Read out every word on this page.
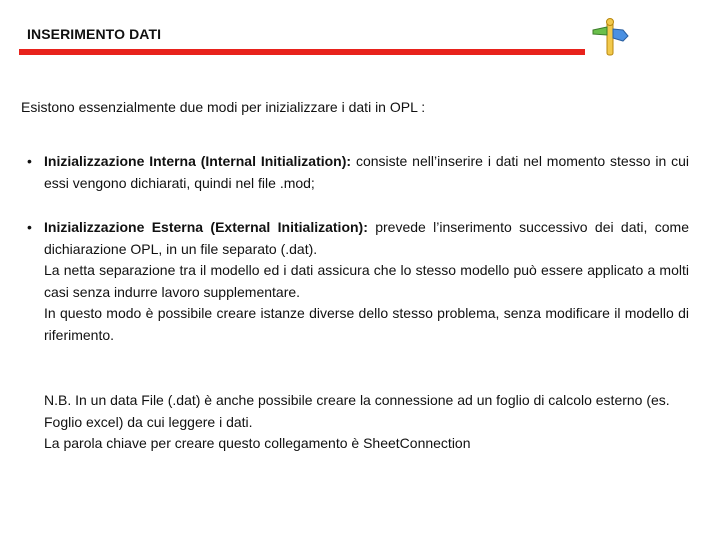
INSERIMENTO DATI
Esistono essenzialmente due modi per inizializzare i dati in OPL :
• Inizializzazione Interna (Internal Initialization): consiste nell’inserire i dati nel momento stesso in cui essi vengono dichiarati, quindi nel file .mod;
• Inizializzazione Esterna (External Initialization): prevede l’inserimento successivo dei dati, come dichiarazione OPL, in un file separato (.dat).
La netta separazione tra il modello ed i dati assicura che lo stesso modello può essere applicato a molti casi senza indurre lavoro supplementare.
In questo modo è possibile creare istanze diverse dello stesso problema, senza modificare il modello di riferimento.
N.B. In un data File (.dat) è anche possibile creare la connessione ad un foglio di calcolo esterno (es. Foglio excel) da cui leggere i dati.
La parola chiave per creare questo collegamento è SheetConnection
